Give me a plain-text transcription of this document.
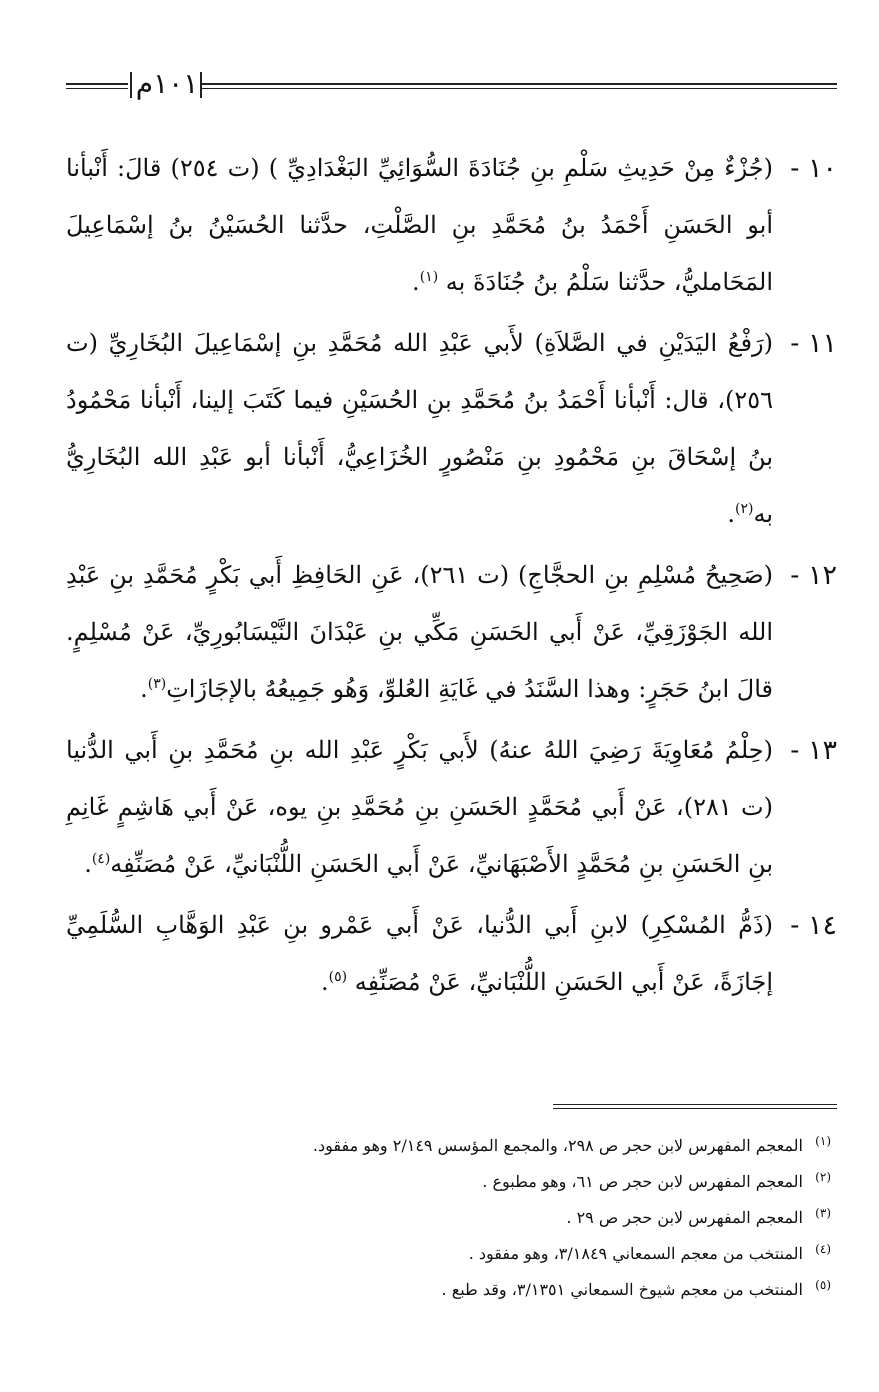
١٠١م
١٠ -
(جُزْءٌ مِنْ حَدِيثِ سَلْمِ بنِ جُنَادَةَ السُّوَائِيِّ البَغْدَادِيِّ ) (ت ٢٥٤) قالَ: أَنْبأنا أبو الحَسَنِ أَحْمَدُ بنُ مُحَمَّدِ بنِ الصَّلْتِ، حدَّثنا الحُسَيْنُ بنُ إسْمَاعِيلَ المَحَامليُّ، حدَّثنا سَلْمُ بنُ جُنَادَةَ به $^{(١)}$.
١١ -
(رَفْعُ اليَدَيْنِ في الصَّلاَةِ) لأَبي عَبْدِ الله مُحَمَّدِ بنِ إسْمَاعِيلَ البُخَارِيِّ (ت ٢٥٦)، قال: أَنْبأنا أَحْمَدُ بنُ مُحَمَّدِ بنِ الحُسَيْنِ فيما كَتَبَ إلينا، أَنْبأنا مَحْمُودُ بنُ إسْحَاقَ بنِ مَحْمُودِ بنِ مَنْصُورٍ الخُزَاعِيُّ، أَنْبأنا أبو عَبْدِ الله البُخَارِيُّ به$^{(٢)}$.
١٢ -
(صَحِيحُ مُسْلِمِ بنِ الحجَّاجِ) (ت ٢٦١)، عَنِ الحَافِظِ أَبي بَكْرٍ مُحَمَّدِ بنِ عَبْدِ الله الجَوْزَقِيِّ، عَنْ أَبي الحَسَنِ مَكِّي بنِ عَبْدَانَ النَّيْسَابُورِيِّ، عَنْ مُسْلِمٍ. قالَ ابنُ حَجَرٍ: وهذا السَّنَدُ في غَايَةِ العُلوِّ، وَهُو جَمِيعُهُ بالإجَازَاتِ$^{(٣)}$.
١٣ -
(حِلْمُ مُعَاوِيَةَ رَضِيَ اللهُ عنهُ) لأَبي بَكْرٍ عَبْدِ الله بنِ مُحَمَّدِ بنِ أَبي الدُّنيا (ت ٢٨١)، عَنْ أَبي مُحَمَّدٍ الحَسَنِ بنِ مُحَمَّدِ بنِ يوه، عَنْ أَبي هَاشِمٍ غَانِمِ بنِ الحَسَنِ بنِ مُحَمَّدٍ الأَصْبَهَانيِّ، عَنْ أَبي الحَسَنِ اللُّنْبَانيِّ، عَنْ مُصَنِّفِه$^{(٤)}$.
١٤ -
(ذَمُّ المُسْكِرِ) لابنِ أَبي الدُّنيا، عَنْ أَبي عَمْرو بنِ عَبْدِ الوَهَّابِ السُّلَمِيِّ إجَازَةً، عَنْ أَبي الحَسَنِ اللُّنْبَانيِّ، عَنْ مُصَنِّفِه $^{(٥)}$.
(١)المعجم المفهرس لابن حجر ص ٢٩٨، والمجمع المؤسس ٢/١٤٩ وهو مفقود.
(٢)المعجم المفهرس لابن حجر ص ٦١، وهو مطبوع .
(٣)المعجم المفهرس لابن حجر ص ٢٩ .
(٤)المنتخب من معجم السمعاني ٣/١٨٤٩، وهو مفقود .
(٥)المنتخب من معجم شيوخ السمعاني ٣/١٣٥١، وقد طبع .
